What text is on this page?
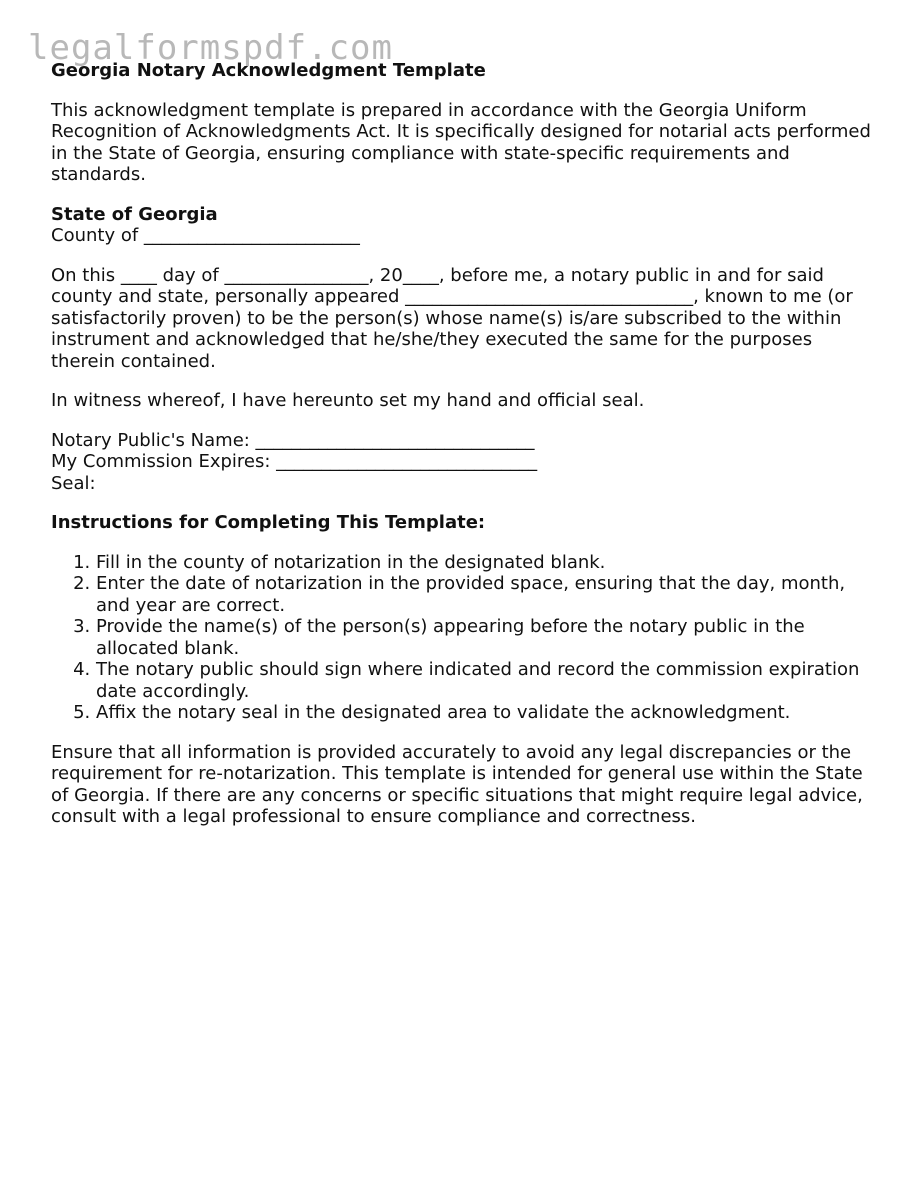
legalformspdf.com
Georgia Notary Acknowledgment Template

This acknowledgment template is prepared in accordance with the Georgia Uniform Recognition of Acknowledgments Act. It is specifically designed for notarial acts performed in the State of Georgia, ensuring compliance with state-specific requirements and standards.

State of Georgia
County of ________________________

On this ____ day of ________________, 20____, before me, a notary public in and for said county and state, personally appeared ________________________________, known to me (or satisfactorily proven) to be the person(s) whose name(s) is/are subscribed to the within instrument and acknowledged that he/she/they executed the same for the purposes therein contained.

In witness whereof, I have hereunto set my hand and official seal.

Notary Public's Name: _______________________________
My Commission Expires: _____________________________
Seal:
Instructions for Completing This Template:
1. Fill in the county of notarization in the designated blank.
2. Enter the date of notarization in the provided space, ensuring that the day, month, and year are correct.
3. Provide the name(s) of the person(s) appearing before the notary public in the allocated blank.
4. The notary public should sign where indicated and record the commission expiration date accordingly.
5. Affix the notary seal in the designated area to validate the acknowledgment.

Ensure that all information is provided accurately to avoid any legal discrepancies or the requirement for re-notarization. This template is intended for general use within the State of Georgia. If there are any concerns or specific situations that might require legal advice, consult with a legal professional to ensure compliance and correctness.
